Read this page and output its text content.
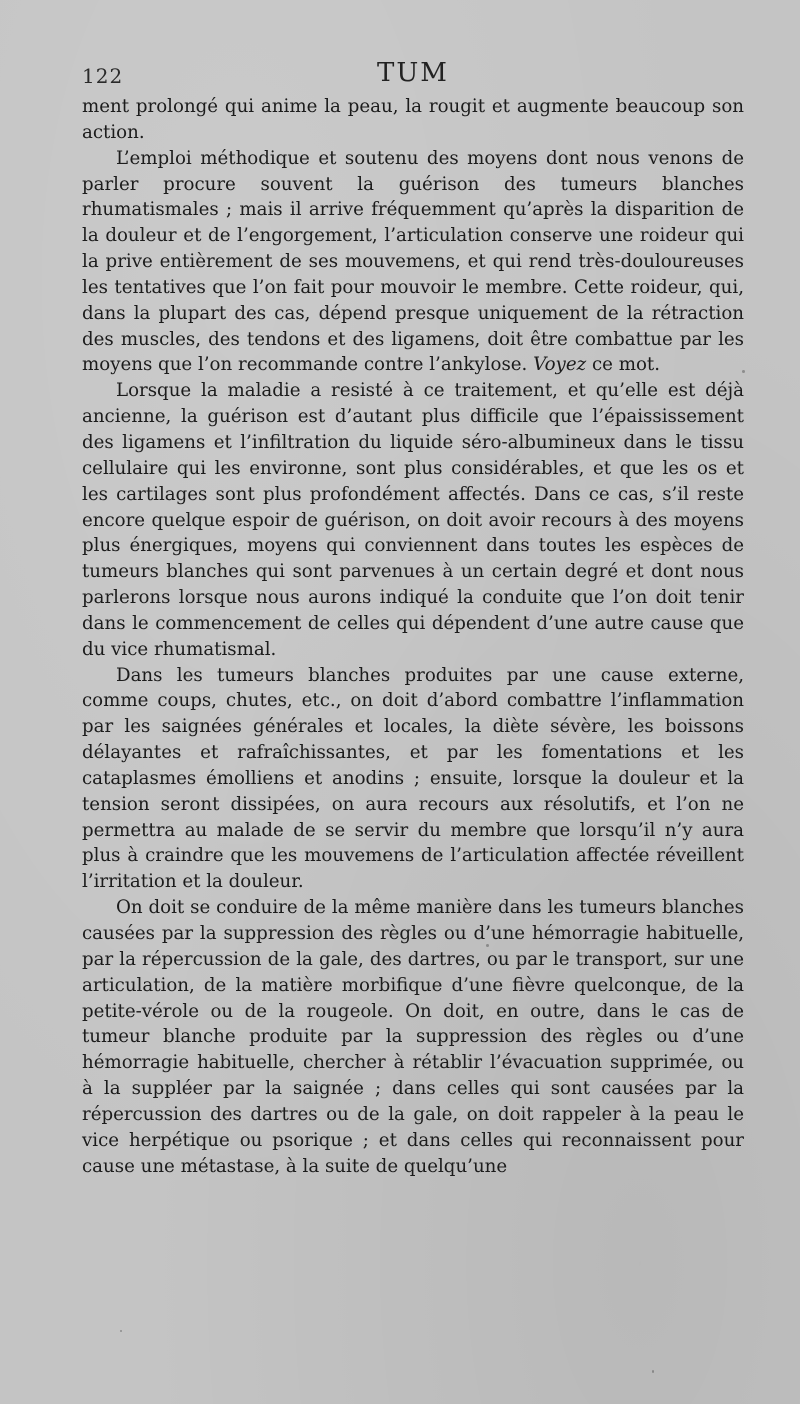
122	TUM

ment prolongé qui anime la peau, la rougit et augmente beaucoup son action.

L’emploi méthodique et soutenu des moyens dont nous venons de parler procure souvent la guérison des tumeurs blanches rhumatismales ; mais il arrive fréquemment qu’après la disparition de la douleur et de l’engorgement, l’articulation conserve une roideur qui la prive entièrement de ses mouvemens, et qui rend très-douloureuses les tentatives que l’on fait pour mouvoir le membre. Cette roideur, qui, dans la plupart des cas, dépend presque uniquement de la rétraction des muscles, des tendons et des ligamens, doit être combattue par les moyens que l’on recommande contre l’ankylose. Voyez ce mot.

Lorsque la maladie a resisté à ce traitement, et qu’elle est déjà ancienne, la guérison est d’autant plus difficile que l’épaississement des ligamens et l’infiltration du liquide séro-albumineux dans le tissu cellulaire qui les environne, sont plus considérables, et que les os et les cartilages sont plus profondément affectés. Dans ce cas, s’il reste encore quelque espoir de guérison, on doit avoir recours à des moyens plus énergiques, moyens qui conviennent dans toutes les espèces de tumeurs blanches qui sont parvenues à un certain degré et dont nous parlerons lorsque nous aurons indiqué la conduite que l’on doit tenir dans le commencement de celles qui dépendent d’une autre cause que du vice rhumatismal.

Dans les tumeurs blanches produites par une cause externe, comme coups, chutes, etc., on doit d’abord combattre l’inflammation par les saignées générales et locales, la diète sévère, les boissons délayantes et rafraîchissantes, et par les fomentations et les cataplasmes émolliens et anodins ; ensuite, lorsque la douleur et la tension seront dissipées, on aura recours aux résolutifs, et l’on ne permettra au malade de se servir du membre que lorsqu’il n’y aura plus à craindre que les mouvemens de l’articulation affectée réveillent l’irritation et la douleur.

On doit se conduire de la même manière dans les tumeurs blanches causées par la suppression des règles ou d’une hémorragie habituelle, par la répercussion de la gale, des dartres, ou par le transport, sur une articulation, de la matière morbifique d’une fièvre quelconque, de la petite-vérole ou de la rougeole. On doit, en outre, dans le cas de tumeur blanche produite par la suppression des règles ou d’une hémorragie habituelle, chercher à rétablir l’évacuation supprimée, ou à la suppléer par la saignée ; dans celles qui sont causées par la répercussion des dartres ou de la gale, on doit rappeler à la peau le vice herpétique ou psorique ; et dans celles qui reconnaissent pour cause une métastase, à la suite de quelqu’une
